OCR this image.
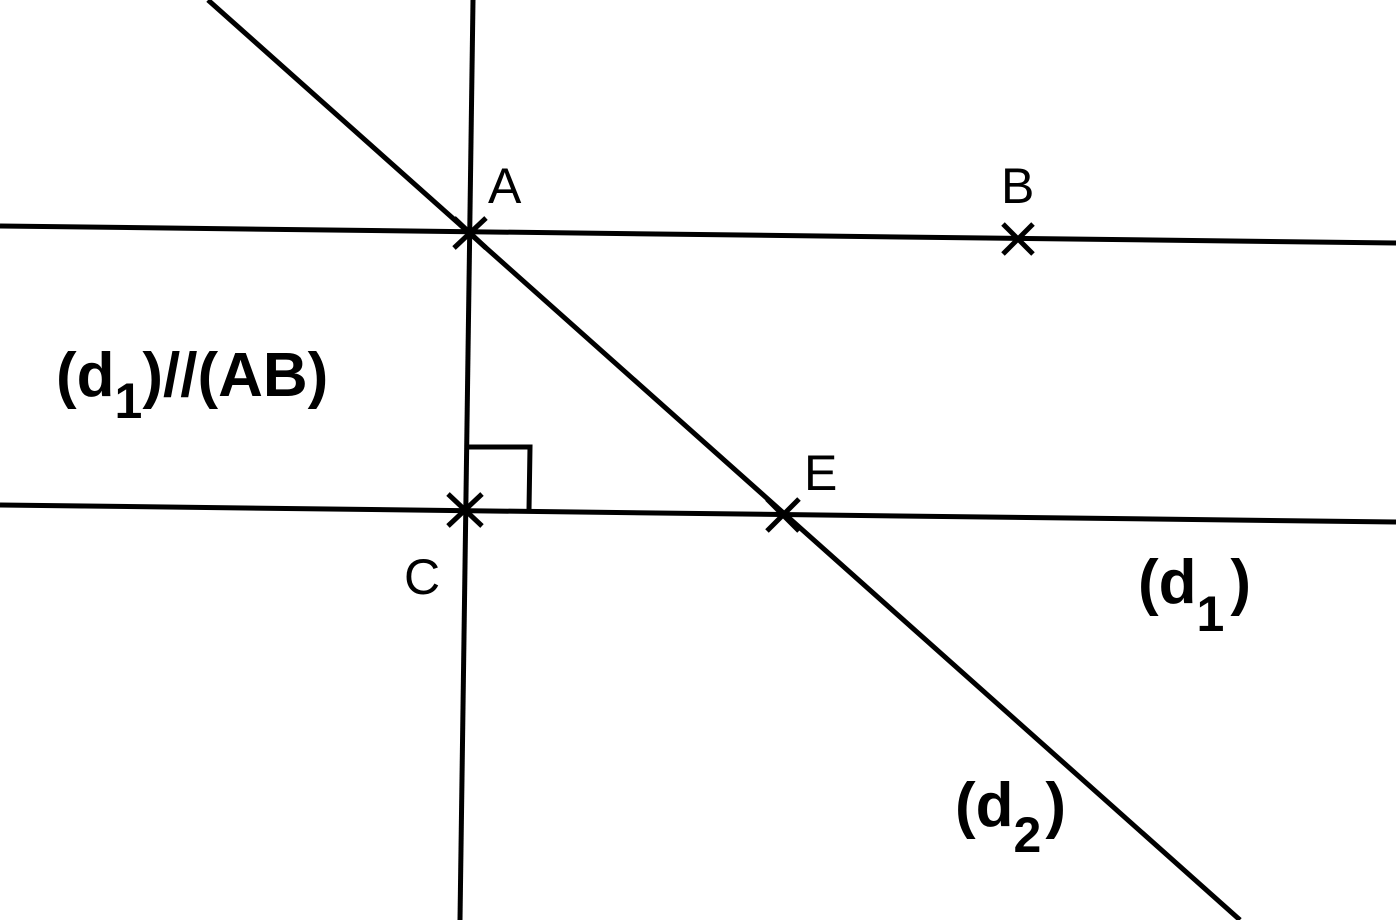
A	B
C
E
(d1)//(AB)
(d1)
(d2)
